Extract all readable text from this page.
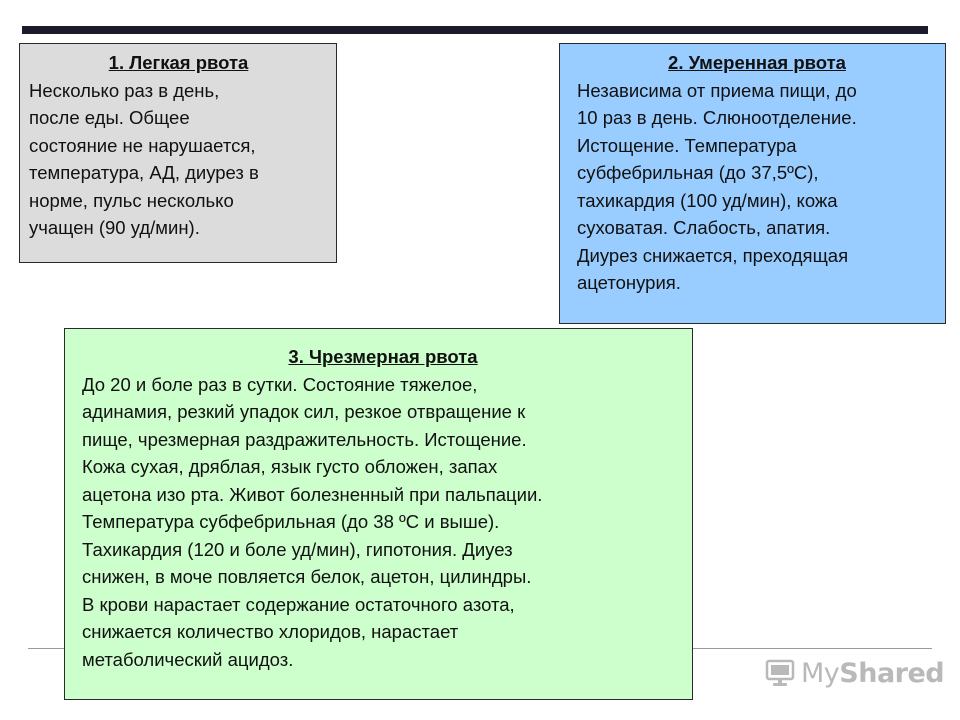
1. Легкая рвота

Несколько раз в день,
после еды. Общее
состояние не нарушается,
температура, АД, диурез в
норме, пульс несколько
учащен (90 уд/мин).

2. Умеренная рвота

Независима от приема пищи, до
10 раз в день. Слюноотделение.
Истощение. Температура
субфебрильная (до 37,5ºС),
тахикардия (100 уд/мин), кожа
суховатая. Слабость, апатия.
Диурез снижается, преходящая
ацетонурия.

3. Чрезмерная рвота

До 20 и боле раз в сутки. Состояние тяжелое,
адинамия, резкий упадок сил, резкое отвращение к
пище, чрезмерная раздражительность. Истощение.
Кожа сухая, дряблая, язык густо обложен, запах
ацетона изо рта. Живот болезненный при пальпации.
Температура субфебрильная (до 38 ºС и выше).
Тахикардия (120 и боле уд/мин), гипотония. Диуез
снижен, в моче повляется белок, ацетон, цилиндры.
В крови нарастает содержание остаточного азота,
снижается количество хлоридов, нарастает
метаболический ацидоз.	MyShared
